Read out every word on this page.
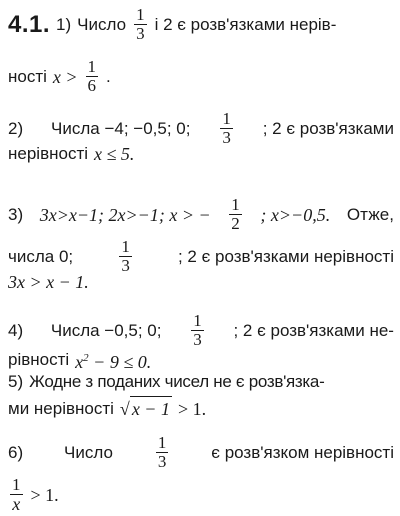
4.1. 1) Число $\frac{1}{3}$ і 2 є розв'язками нерів-
ності $x > \frac{1}{6}$ .
2) Числа −4; −0,5; 0; $\frac{1}{3}$ ; 2 є розв'язками
нерівності x ≤ 5.
3) 3x>x−1; 2x>−1; x > − $\frac{1}{2}$ ; x>−0,5. Отже,
числа 0;	$\frac{1}{3}$	; 2 є розв'язками нерівності
3x > x − 1.
4) Числа −0,5; 0; $\frac{1}{3}$ ; 2 є розв'язками не-
рівності $x^2 - 9 \le 0$.
5) Жодне з поданих чисел не є розв'язка-
ми нерівності √ x − 1 > 1.
6) Число	$\frac{1}{3}$	є розв'язком нерівності
$\frac{1}{x} > 1$.
